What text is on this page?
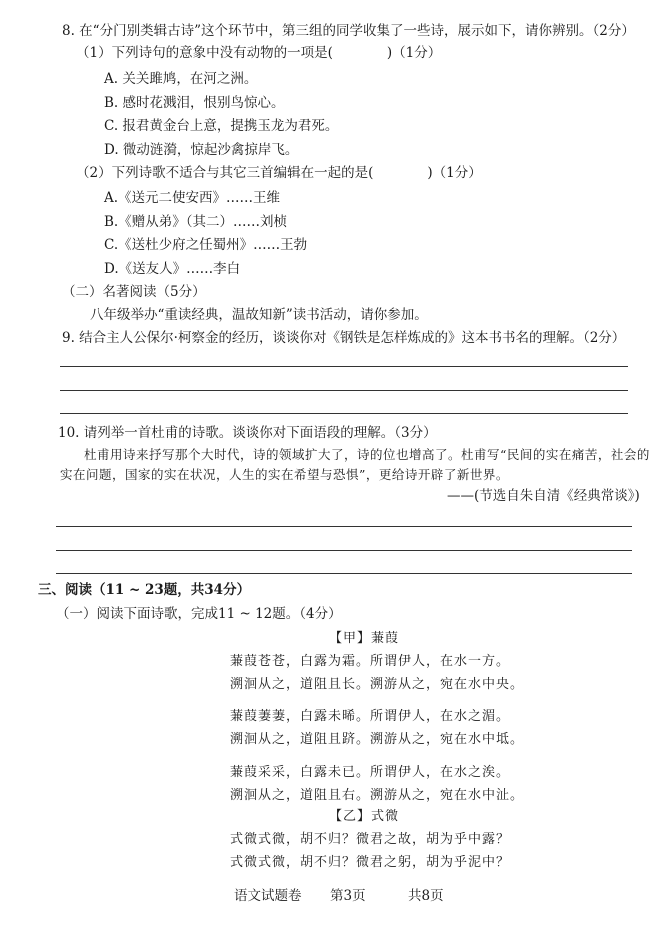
8. 在“分门别类辑古诗”这个环节中，第三组的同学收集了一些诗，展示如下，请你辨别。（2分）
（1）下列诗句的意象中没有动物的一项是(　　　　)（1分）
A. 关关雎鸠，在河之洲。
B. 感时花溅泪，恨别鸟惊心。
C. 报君黄金台上意，提携玉龙为君死。
D. 微动涟漪，惊起沙禽掠岸飞。
（2）下列诗歌不适合与其它三首编辑在一起的是(　　　　)（1分）
A.《送元二使安西》……王维
B.《赠从弟》（其二）……刘桢
C.《送杜少府之任蜀州》……王勃
D.《送友人》……李白
（二）名著阅读（5分）
八年级举办“重读经典，温故知新”读书活动，请你参加。
9. 结合主人公保尔·柯察金的经历，谈谈你对《钢铁是怎样炼成的》这本书书名的理解。（2分）
10. 请列举一首杜甫的诗歌。谈谈你对下面语段的理解。（3分）
杜甫用诗来抒写那个大时代，诗的领域扩大了，诗的位也增高了。杜甫写“民间的实在痛苦，社会的
实在问题，国家的实在状况，人生的实在希望与恐惧”，更给诗开辟了新世界。
——(节选自朱自清《经典常谈》)
三、阅读（11 ~ 23题，共34分）
（一）阅读下面诗歌，完成11 ~ 12题。（4分）
【甲】蒹葭
蒹葭苍苍，白露为霜。所谓伊人，在水一方。
溯洄从之，道阻且长。溯游从之，宛在水中央。
蒹葭萋萋，白露未晞。所谓伊人，在水之湄。
溯洄从之，道阻且跻。溯游从之，宛在水中坻。
蒹葭采采，白露未已。所谓伊人，在水之涘。
溯洄从之，道阻且右。溯游从之，宛在水中沚。
【乙】式微
式微式微，胡不归？微君之故，胡为乎中露？
式微式微，胡不归？微君之躬，胡为乎泥中？
语文试题卷 第3页	共8页
